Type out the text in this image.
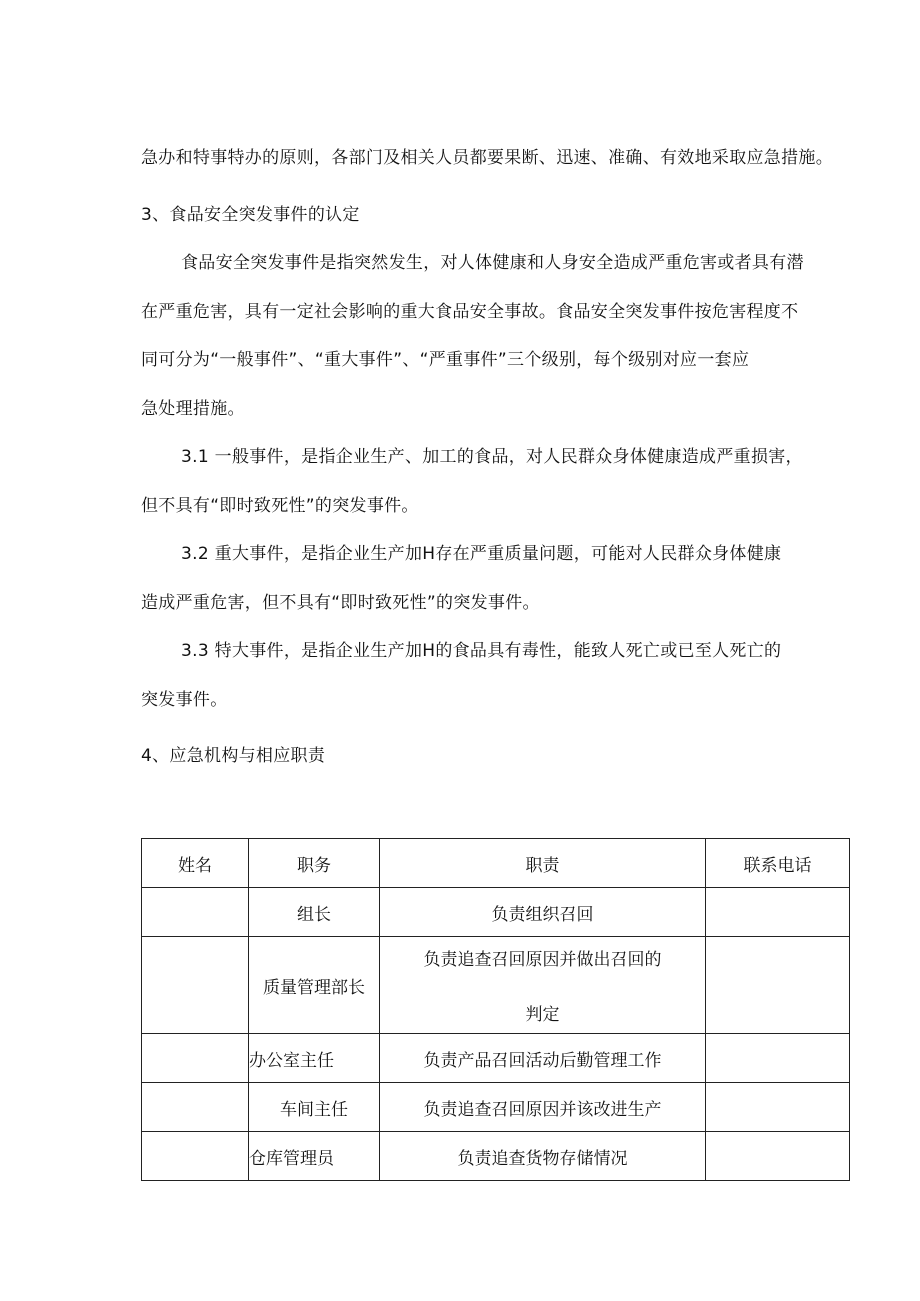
急办和特事特办的原则，各部门及相关人员都要果断、迅速、准确、有效地采取应急措施。
3、食品安全突发事件的认定
食品安全突发事件是指突然发生，对人体健康和人身安全造成严重危害或者具有潜
在严重危害，具有一定社会影响的重大食品安全事故。食品安全突发事件按危害程度不
同可分为“一般事件”、“重大事件”、“严重事件”三个级别，每个级别对应一套应
急处理措施。
3.1 一般事件，是指企业生产、加工的食品，对人民群众身体健康造成严重损害，
但不具有“即时致死性”的突发事件。
3.2 重大事件，是指企业生产加H存在严重质量问题，可能对人民群众身体健康
造成严重危害，但不具有“即时致死性”的突发事件。
3.3 特大事件，是指企业生产加H的食品具有毒性，能致人死亡或已至人死亡的
突发事件。
4、应急机构与相应职责
姓名	职务	职责	联系电话
	组长	负责组织召回	
	质量管理部长	负责追查召回原因并做出召回的
判定	

	办公室主任	负责产品召回活动后勤管理工作	
	车间主任	负责追查召回原因并该改进生产	
	仓库管理员	负责追查货物存储情况	
